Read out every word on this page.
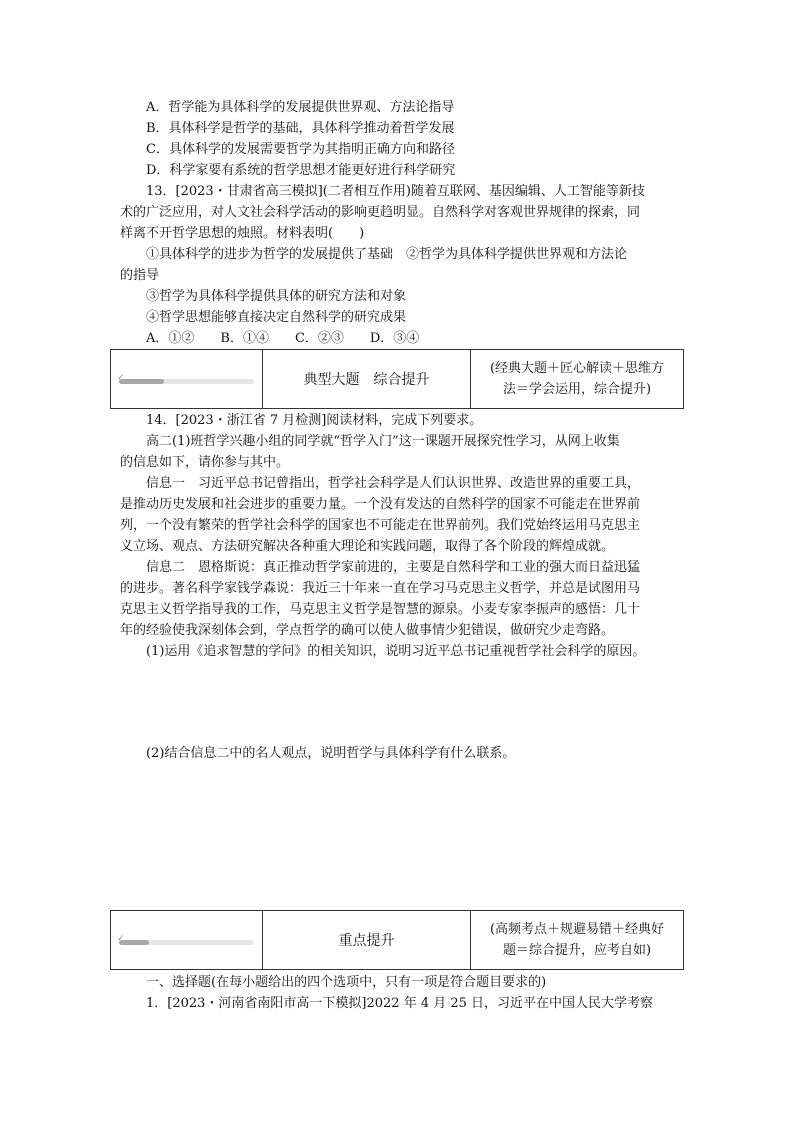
A．哲学能为具体科学的发展提供世界观、方法论指导
B．具体科学是哲学的基础，具体科学推动着哲学发展
C．具体科学的发展需要哲学为其指明正确方向和路径
D．科学家要有系统的哲学思想才能更好进行科学研究
13．[2023・甘肃省高三模拟](二者相互作用)随着互联网、基因编辑、人工智能等新技
术的广泛应用，对人文社会科学活动的影响更趋明显。自然科学对客观世界规律的探索，同
样离不开哲学思想的烛照。材料表明(　　)
①具体科学的进步为哲学的发展提供了基础　②哲学为具体科学提供世界观和方法论
的指导
③哲学为具体科学提供具体的研究方法和对象
④哲学思想能够直接决定自然科学的研究成果
A．①②　　B．①④　　C．②③　　D．③④
✓	典型大题　综合提升
(经典大题＋匠心解读＋思维方
法＝学会运用，综合提升)
14．[2023・浙江省 7 月检测]阅读材料，完成下列要求。
高二(1)班哲学兴趣小组的同学就“哲学入门”这一课题开展探究性学习，从网上收集
的信息如下，请你参与其中。
信息一　习近平总书记曾指出，哲学社会科学是人们认识世界、改造世界的重要工具，
是推动历史发展和社会进步的重要力量。一个没有发达的自然科学的国家不可能走在世界前
列，一个没有繁荣的哲学社会科学的国家也不可能走在世界前列。我们党始终运用马克思主
义立场、观点、方法研究解决各种重大理论和实践问题，取得了各个阶段的辉煌成就。
信息二　恩格斯说：真正推动哲学家前进的，主要是自然科学和工业的强大而日益迅猛
的进步。著名科学家钱学森说：我近三十年来一直在学习马克思主义哲学，并总是试图用马
克思主义哲学指导我的工作，马克思主义哲学是智慧的源泉。小麦专家李振声的感悟：几十
年的经验使我深刻体会到，学点哲学的确可以使人做事情少犯错误，做研究少走弯路。
(1)运用《追求智慧的学问》的相关知识，说明习近平总书记重视哲学社会科学的原因。
(2)结合信息二中的名人观点，说明哲学与具体科学有什么联系。
✓	重点提升
(高频考点＋规避易错＋经典好
题＝综合提升，应考自如)
一、选择题(在每小题给出的四个选项中，只有一项是符合题目要求的)
1．[2023・河南省南阳市高一下模拟]2022 年 4 月 25 日，习近平在中国人民大学考察
